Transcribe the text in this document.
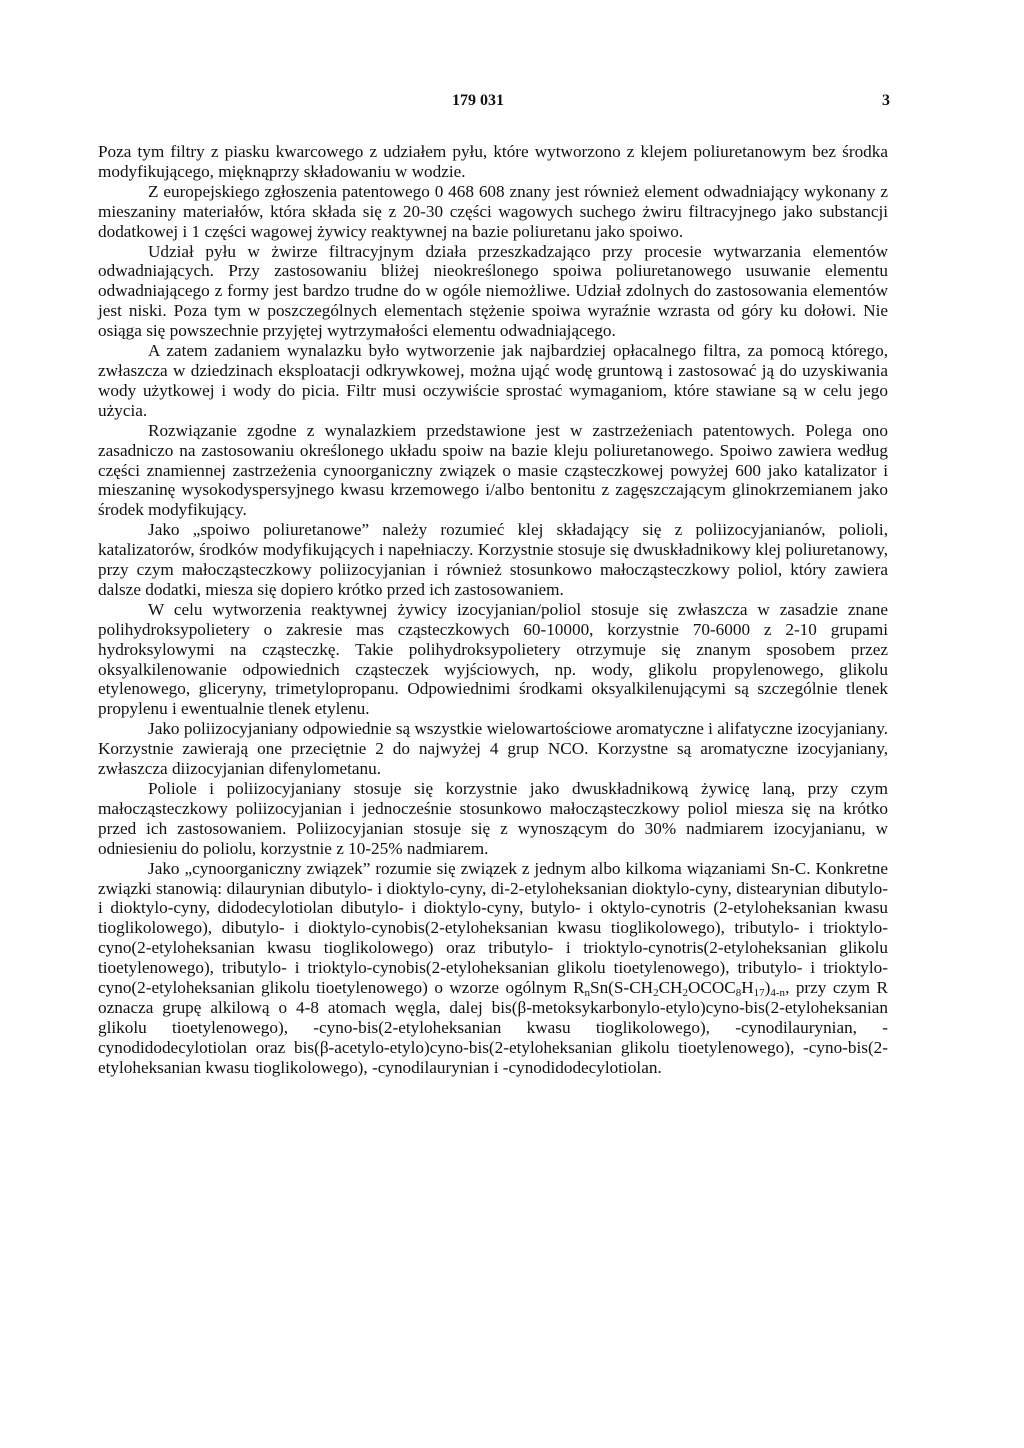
179 031	3

Poza tym filtry z piasku kwarcowego z udziałem pyłu, które wytworzono z klejem poliuretanowym bez środka modyfikującego, mięknąprzy składowaniu w wodzie.

Z europejskiego zgłoszenia patentowego 0 468 608 znany jest również element odwadniający wykonany z mieszaniny materiałów, która składa się z 20-30 części wagowych suchego żwiru filtracyjnego jako substancji dodatkowej i 1 części wagowej żywicy reaktywnej na bazie poliuretanu jako spoiwo.

Udział pyłu w żwirze filtracyjnym działa przeszkadzająco przy procesie wytwarzania elementów odwadniających. Przy zastosowaniu bliżej nieokreślonego spoiwa poliuretanowego usuwanie elementu odwadniającego z formy jest bardzo trudne do w ogóle niemożliwe. Udział zdolnych do zastosowania elementów jest niski. Poza tym w poszczególnych elementach stężenie spoiwa wyraźnie wzrasta od góry ku dołowi. Nie osiąga się powszechnie przyjętej wytrzymałości elementu odwadniającego.

A zatem zadaniem wynalazku było wytworzenie jak najbardziej opłacalnego filtra, za pomocą którego, zwłaszcza w dziedzinach eksploatacji odkrywkowej, można ująć wodę gruntową i zastosować ją do uzyskiwania wody użytkowej i wody do picia. Filtr musi oczywiście sprostać wymaganiom, które stawiane są w celu jego użycia.

Rozwiązanie zgodne z wynalazkiem przedstawione jest w zastrzeżeniach patentowych. Polega ono zasadniczo na zastosowaniu określonego układu spoiw na bazie kleju poliuretanowego. Spoiwo zawiera według części znamiennej zastrzeżenia cynoorganiczny związek o masie cząsteczkowej powyżej 600 jako katalizator i mieszaninę wysokodyspersyjnego kwasu krzemowego i/albo bentonitu z zagęszczającym glinokrzemianem jako środek modyfikujący.

Jako „spoiwo poliuretanowe” należy rozumieć klej składający się z poliizocyjanianów, polioli, katalizatorów, środków modyfikujących i napełniaczy. Korzystnie stosuje się dwuskładnikowy klej poliuretanowy, przy czym małocząsteczkowy poliizocyjanian i również stosunkowo małocząsteczkowy poliol, który zawiera dalsze dodatki, miesza się dopiero krótko przed ich zastosowaniem.

W celu wytworzenia reaktywnej żywicy izocyjanian/poliol stosuje się zwłaszcza w zasadzie znane polihydroksypolietery o zakresie mas cząsteczkowych 60-10000, korzystnie 70-6000 z 2-10 grupami hydroksylowymi na cząsteczkę. Takie polihydroksypolietery otrzymuje się znanym sposobem przez oksyalkilenowanie odpowiednich cząsteczek wyjściowych, np. wody, glikolu propylenowego, glikolu etylenowego, gliceryny, trimetylopropanu. Odpowiednimi środkami oksyalkilenującymi są szczególnie tlenek propylenu i ewentualnie tlenek etylenu.

Jako poliizocyjaniany odpowiednie są wszystkie wielowartościowe aromatyczne i alifatyczne izocyjaniany. Korzystnie zawierają one przeciętnie 2 do najwyżej 4 grup NCO. Korzystne są aromatyczne izocyjaniany, zwłaszcza diizocyjanian difenylometanu.

Poliole i poliizocyjaniany stosuje się korzystnie jako dwuskładnikową żywicę laną, przy czym małocząsteczkowy poliizocyjanian i jednocześnie stosunkowo małocząsteczkowy poliol miesza się na krótko przed ich zastosowaniem. Poliizocyjanian stosuje się z wynoszącym do 30% nadmiarem izocyjanianu, w odniesieniu do poliolu, korzystnie z 10-25% nadmiarem.

Jako „cynoorganiczny związek” rozumie się związek z jednym albo kilkoma wiązaniami Sn-C. Konkretne związki stanowią: dilaurynian dibutylo- i dioktylo-cyny, di-2-etyloheksanian dioktylo-cyny, distearynian dibutylo- i dioktylo-cyny, didodecylotiolan dibutylo- i dioktylo-cyny, butylo- i oktylo-cynotris (2-etyloheksanian kwasu tioglikolowego), dibutylo- i dioktylo-cynobis(2-etyloheksanian kwasu tioglikolowego), tributylo- i trioktylo-cyno(2-etyloheksanian kwasu tioglikolowego) oraz tributylo- i trioktylo-cynotris(2-etyloheksanian glikolu tioetylenowego), tributylo- i trioktylo-cynobis(2-etyloheksanian glikolu tioetylenowego), tributylo- i trioktylo-cyno(2-etyloheksanian glikolu tioetylenowego) o wzorze ogólnym $R_nSn(S-CH_2CH_2OCOC_8H_{17})_{4-n}$, przy czym R oznacza grupę alkilową o 4-8 atomach węgla, dalej bis(β-metoksykarbonylo-etylo)cyno-bis(2-etyloheksanian glikolu tioetylenowego), -cyno-bis(2-etyloheksanian kwasu tioglikolowego), -cynodilaurynian, -cynodidodecylotiolan oraz bis(β-acetylo-etylo)cyno-bis(2-etyloheksanian glikolu tioetylenowego), -cyno-bis(2-etyloheksanian kwasu tioglikolowego), -cynodilaurynian i -cynodidodecylotiolan.
